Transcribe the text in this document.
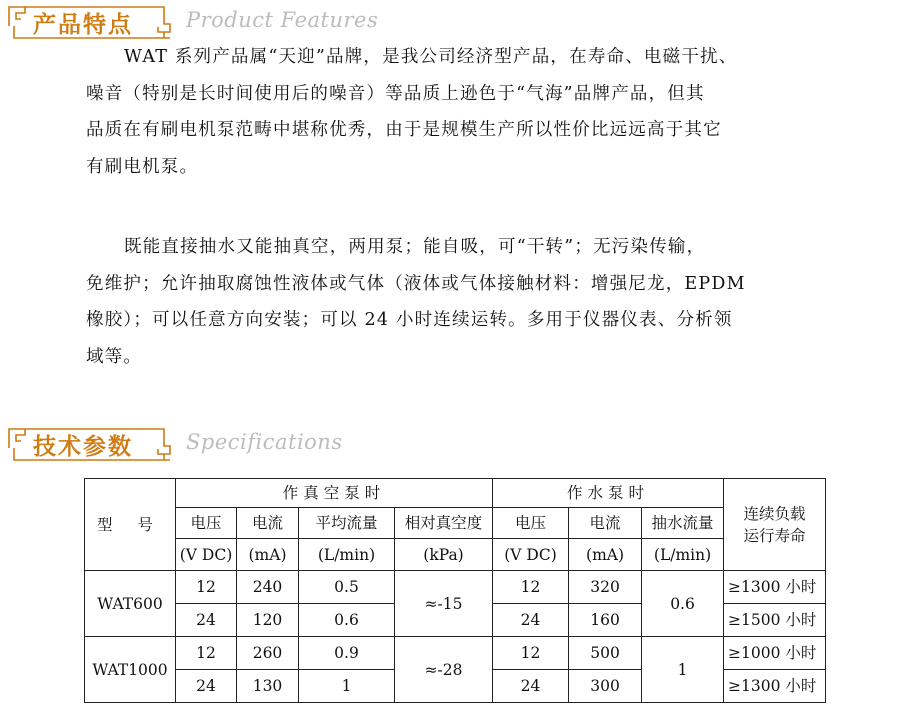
产品特点	Product Features

WAT 系列产品属“天迎”品牌，是我公司经济型产品，在寿命、电磁干扰、

噪音（特别是长时间使用后的噪音）等品质上逊色于“气海”品牌产品，但其

品质在有刷电机泵范畴中堪称优秀，由于是规模生产所以性价比远远高于其它

有刷电机泵。

既能直接抽水又能抽真空，两用泵；能自吸，可“干转”；无污染传输，

免维护；允许抽取腐蚀性液体或气体（液体或气体接触材料：增强尼龙，EPDM

橡胶）；可以任意方向安装；可以 24 小时连续运转。多用于仪器仪表、分析领

域等。

技术参数	Specifications
型 号	作真空泵时				作水泵时			连续负载运行寿命
	电压	电流	平均流量	相对真空度	电压	电流	抽水流量	
	(V DC)	(mA)	(L/min)	(kPa)	(V DC)	(mA)	(L/min)	
WAT600	12	240	0.5	≈-15	12	320	0.6	≥1300 小时
	24	120	0.6		24	160		≥1500 小时
WAT1000	12	260	0.9	≈-28	12	500	1	≥1000 小时
	24	130	1		24	300		≥1300 小时
